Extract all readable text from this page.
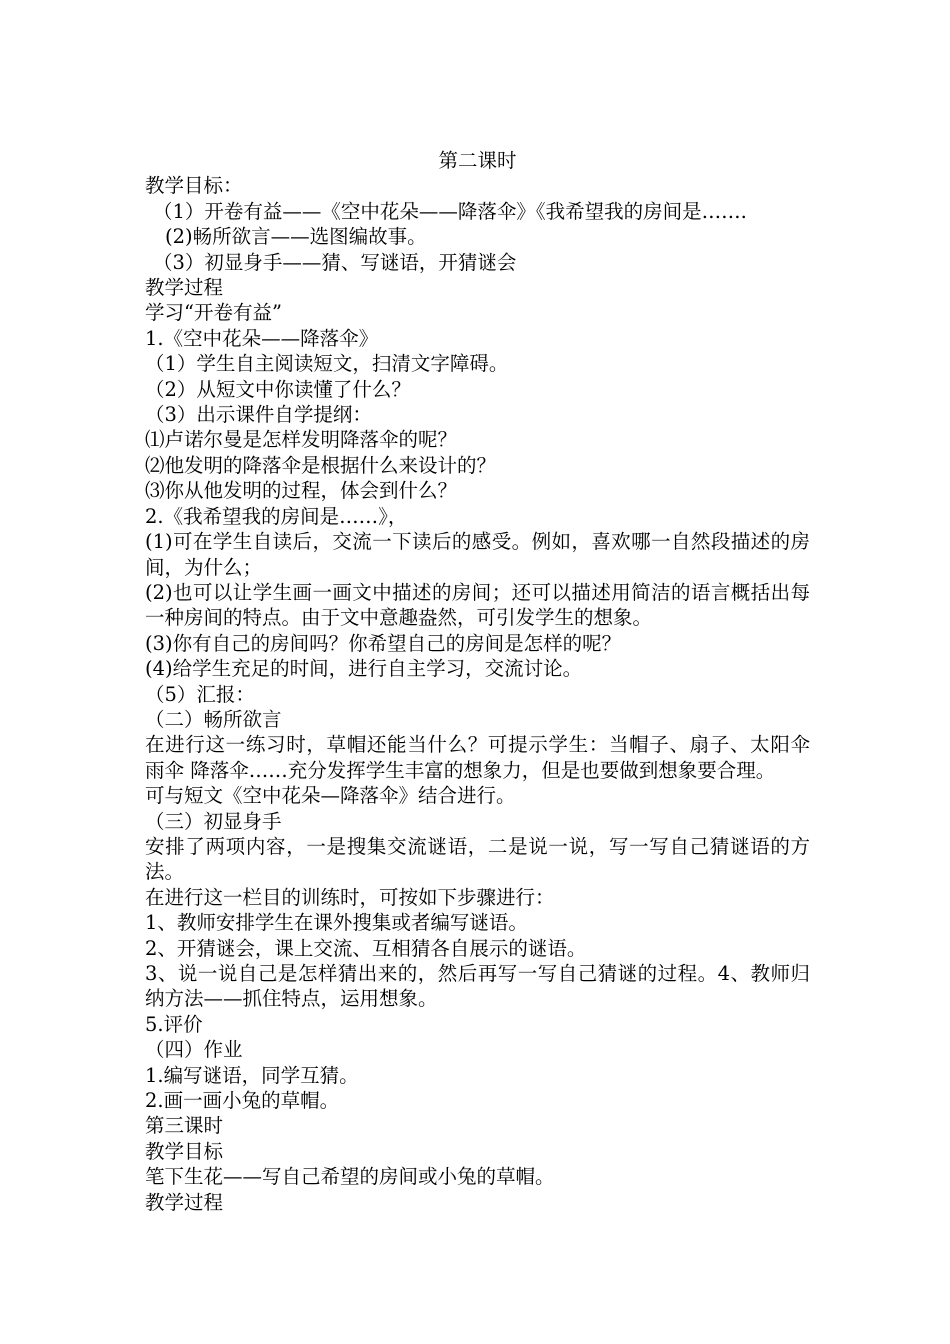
第二课时
教学目标：
（1）开卷有益——《空中花朵——降落伞》《我希望我的房间是…….
(2)畅所欲言——选图编故事。
（3）初显身手——猜、写谜语，开猜谜会
教学过程
学习“开卷有益”
1.《空中花朵——降落伞》
（1）学生自主阅读短文，扫清文字障碍。
（2）从短文中你读懂了什么？
（3）出示课件自学提纲：
⑴卢诺尔曼是怎样发明降落伞的呢？
⑵他发明的降落伞是根据什么来设计的？
⑶你从他发明的过程，体会到什么？
2.《我希望我的房间是……》，
(1)可在学生自读后，交流一下读后的感受。例如，喜欢哪一自然段描述的房间，为什么；
(2)也可以让学生画一画文中描述的房间；还可以描述用简洁的语言概括出每一种房间的特点。由于文中意趣盎然，可引发学生的想象。
(3)你有自己的房间吗？你希望自己的房间是怎样的呢？
(4)给学生充足的时间，进行自主学习，交流讨论。
（5）汇报：
（二）畅所欲言
在进行这一练习时，草帽还能当什么？可提示学生：当帽子、扇子、太阳伞 雨伞 降落伞……充分发挥学生丰富的想象力，但是也要做到想象要合理。
可与短文《空中花朵—降落伞》结合进行。
（三）初显身手
安排了两项内容，一是搜集交流谜语，二是说一说，写一写自己猜谜语的方法。
在进行这一栏目的训练时，可按如下步骤进行：
1、教师安排学生在课外搜集或者编写谜语。
2、开猜谜会，课上交流、互相猜各自展示的谜语。
3、说一说自己是怎样猜出来的，然后再写一写自己猜谜的过程。4、教师归纳方法——抓住特点，运用想象。
5.评价
（四）作业
1.编写谜语，同学互猜。
2.画一画小兔的草帽。
第三课时
教学目标
笔下生花——写自己希望的房间或小兔的草帽。
教学过程
